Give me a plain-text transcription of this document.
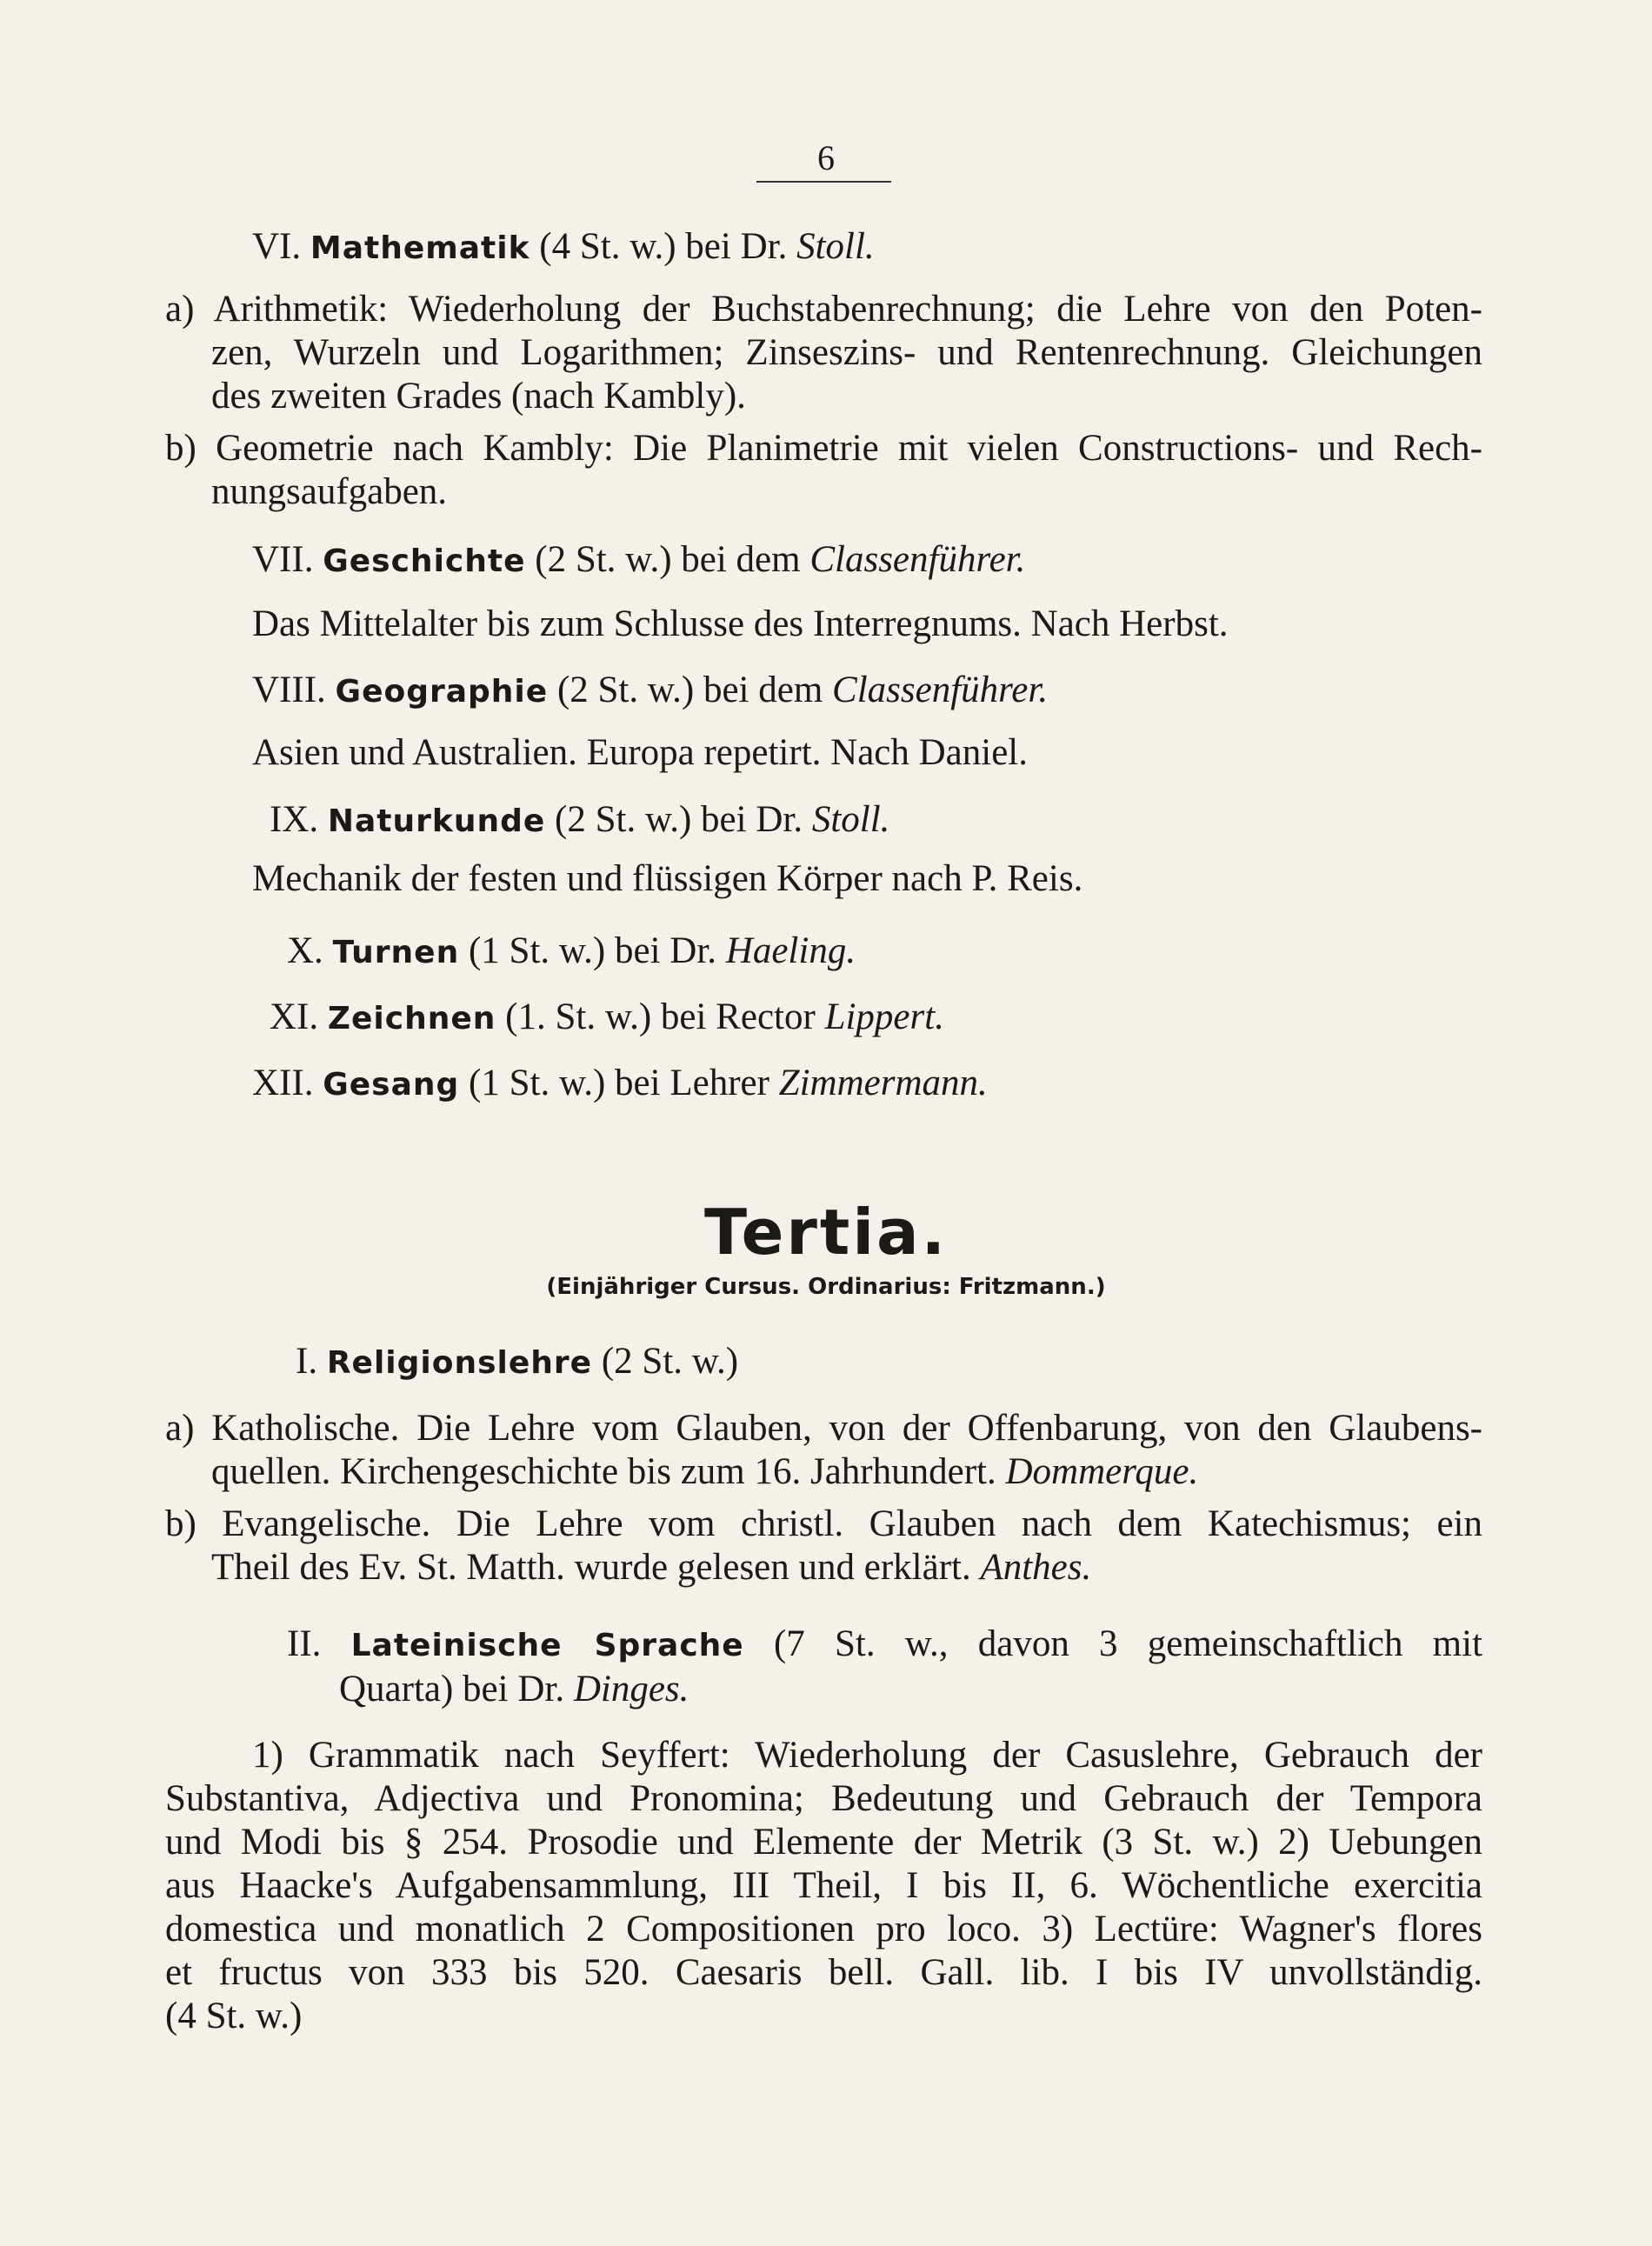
6
VI. Mathematik (4 St. w.) bei Dr. Stoll.
a) Arithmetik: Wiederholung der Buchstabenrechnung; die Lehre von den Poten-
zen, Wurzeln und Logarithmen; Zinseszins- und Rentenrechnung. Gleichungen
des zweiten Grades (nach Kambly).
b) Geometrie nach Kambly: Die Planimetrie mit vielen Constructions- und Rech-
nungsaufgaben.
VII. Geschichte (2 St. w.) bei dem Classenführer.
Das Mittelalter bis zum Schlusse des Interregnums. Nach Herbst.
VIII. Geographie (2 St. w.) bei dem Classenführer.
Asien und Australien. Europa repetirt. Nach Daniel.
IX. Naturkunde (2 St. w.) bei Dr. Stoll.
Mechanik der festen und flüssigen Körper nach P. Reis.
X. Turnen (1 St. w.) bei Dr. Haeling.
XI. Zeichnen (1. St. w.) bei Rector Lippert.
XII. Gesang (1 St. w.) bei Lehrer Zimmermann.
Tertia.
(Einjähriger Cursus. Ordinarius: Fritzmann.)
I. Religionslehre (2 St. w.)
a) Katholische. Die Lehre vom Glauben, von der Offenbarung, von den Glaubens-
quellen. Kirchengeschichte bis zum 16. Jahrhundert. Dommerque.
b) Evangelische. Die Lehre vom christl. Glauben nach dem Katechismus; ein
Theil des Ev. St. Matth. wurde gelesen und erklärt. Anthes.
II. Lateinische Sprache (7 St. w., davon 3 gemeinschaftlich mit
Quarta) bei Dr. Dinges.
1) Grammatik nach Seyffert: Wiederholung der Casuslehre, Gebrauch der
Substantiva, Adjectiva und Pronomina; Bedeutung und Gebrauch der Tempora
und Modi bis § 254. Prosodie und Elemente der Metrik (3 St. w.) 2) Uebungen
aus Haacke's Aufgabensammlung, III Theil, I bis II, 6. Wöchentliche exercitia
domestica und monatlich 2 Compositionen pro loco. 3) Lectüre: Wagner's flores
et fructus von 333 bis 520. Caesaris bell. Gall. lib. I bis IV unvollständig.
(4 St. w.)
